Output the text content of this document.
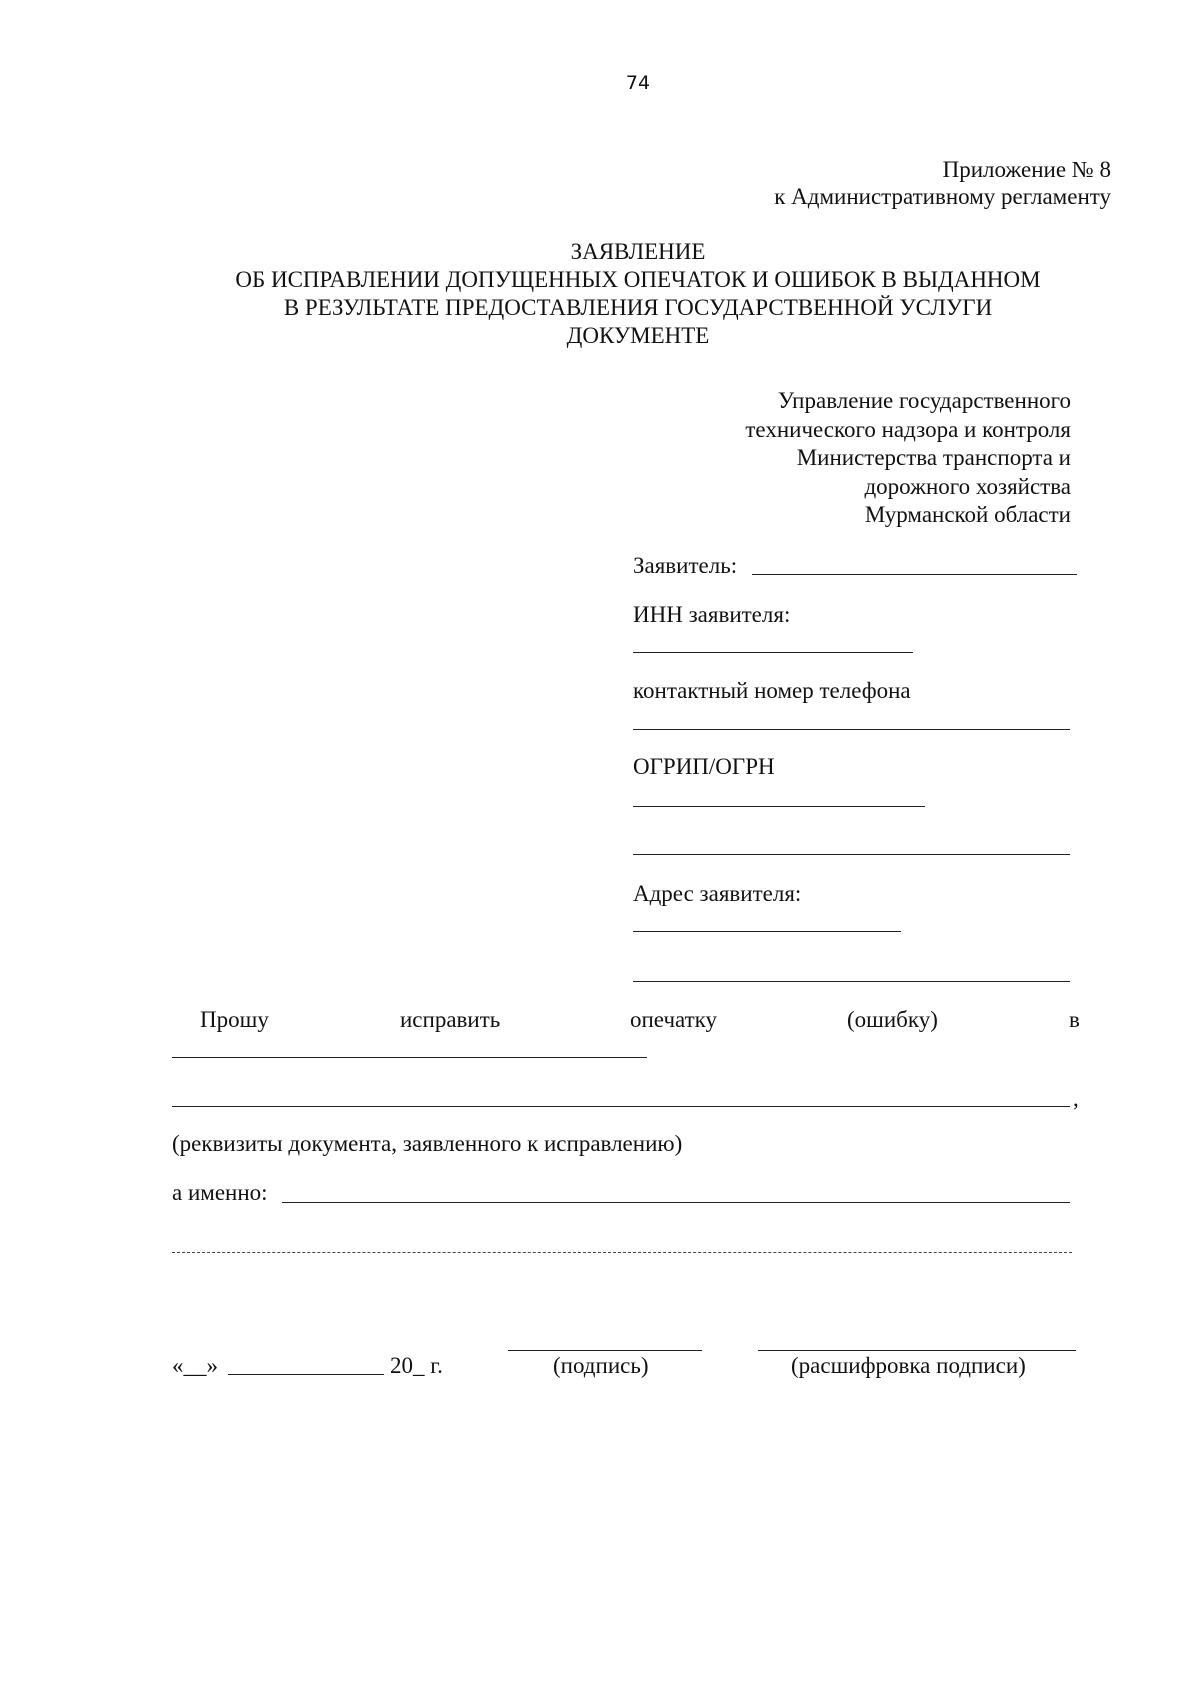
74
Приложение № 8
к Административному регламенту
ЗАЯВЛЕНИЕ
ОБ ИСПРАВЛЕНИИ ДОПУЩЕННЫХ ОПЕЧАТОК И ОШИБОК В ВЫДАННОМ
В РЕЗУЛЬТАТЕ ПРЕДОСТАВЛЕНИЯ ГОСУДАРСТВЕННОЙ УСЛУГИ
ДОКУМЕНТЕ
Управление государственного
технического надзора и контроля
Министерства транспорта и
дорожного хозяйства
Мурманской области
Заявитель:
ИНН заявителя:
контактный номер телефона
ОГРИП/ОГРН
Адрес заявителя:
Прошу	исправить	опечатку	(ошибку)	в
,
(реквизиты документа, заявленного к исправлению)
а именно:
«__»	20_ г.	(подпись)	(расшифровка подписи)
